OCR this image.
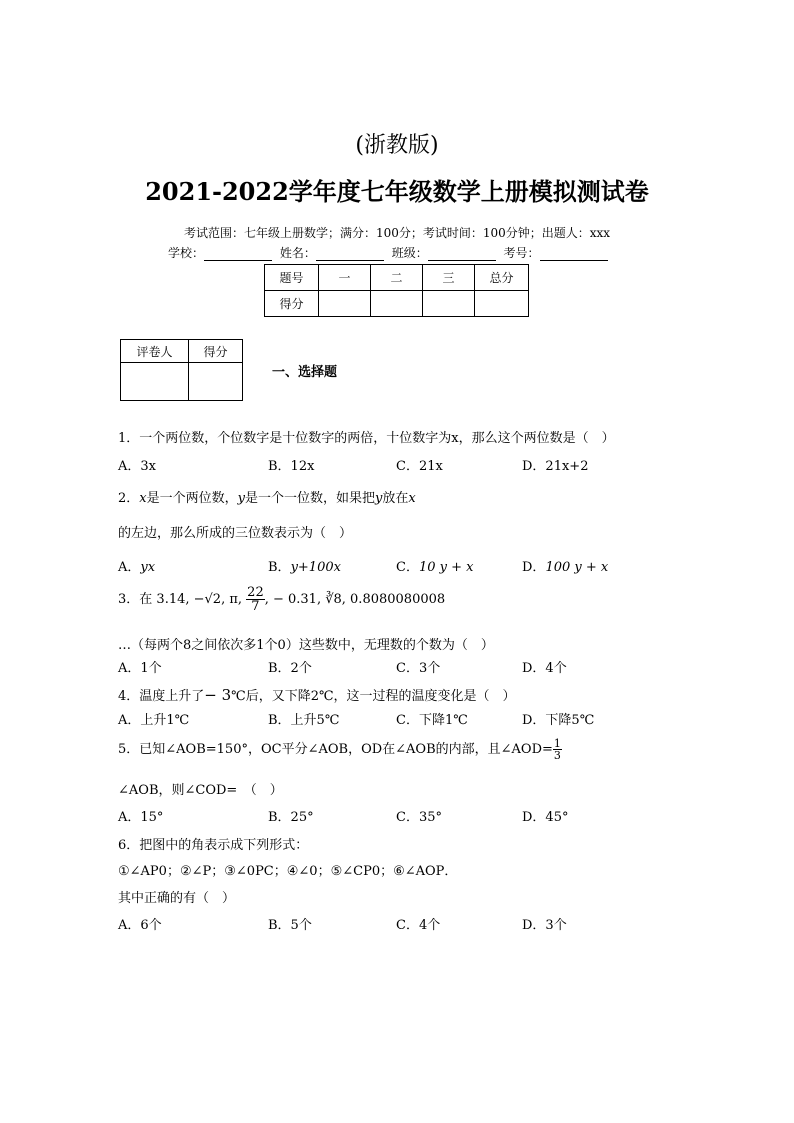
(浙教版)
2021-2022学年度七年级数学上册模拟测试卷
考试范围：七年级上册数学；满分：100分；考试时间：100分钟；出题人：xxx
学校：	姓名：	班级：	考号：
题号	一	二	三	总分
得分				
评卷人	得分

一、选择题
1．一个两位数，个位数字是十位数字的两倍，十位数字为x，那么这个两位数是（　）
A．3x	B．12x	C．21x	D．21x+2
2．x是一个两位数，y是一个一位数，如果把y放在x
的左边，那么所成的三位数表示为（　）
A．yx	B．y+100x	C．10 y + x	D．100 y + x
3．在 3.14, −√2, π, $\frac{22}{7}$ , − 0.31, ∛8, 0.8080080008
…（每两个8之间依次多1个0）这些数中，无理数的个数为（　）
A．1个	B．2个	C．3个	D．4个
4．温度上升了− 3℃后，又下降2℃，这一过程的温度变化是（　）
A．上升1℃	B．上升5℃	C．下降1℃	D．下降5℃
5．已知∠AOB=150°，OC平分∠AOB，OD在∠AOB的内部，且∠AOD= $\frac{1}{3}$
∠AOB，则∠COD=　（　）
A．15°	B．25°	C．35°	D．45°
6．把图中的角表示成下列形式：
①∠AP0；②∠P；③∠0PC；④∠0；⑤∠CP0；⑥∠AOP．
其中正确的有（　）
A．6个	B．5个	C．4个	D．3个
